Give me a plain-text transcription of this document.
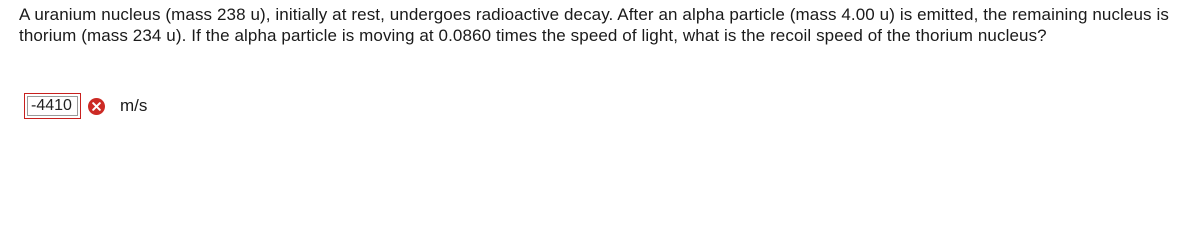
A uranium nucleus (mass 238 u), initially at rest, undergoes radioactive decay. After an alpha particle (mass 4.00 u) is emitted, the remaining nucleus is thorium (mass 234 u). If the alpha particle is moving at 0.0860 times the speed of light, what is the recoil speed of the thorium nucleus?

-4410	m/s
